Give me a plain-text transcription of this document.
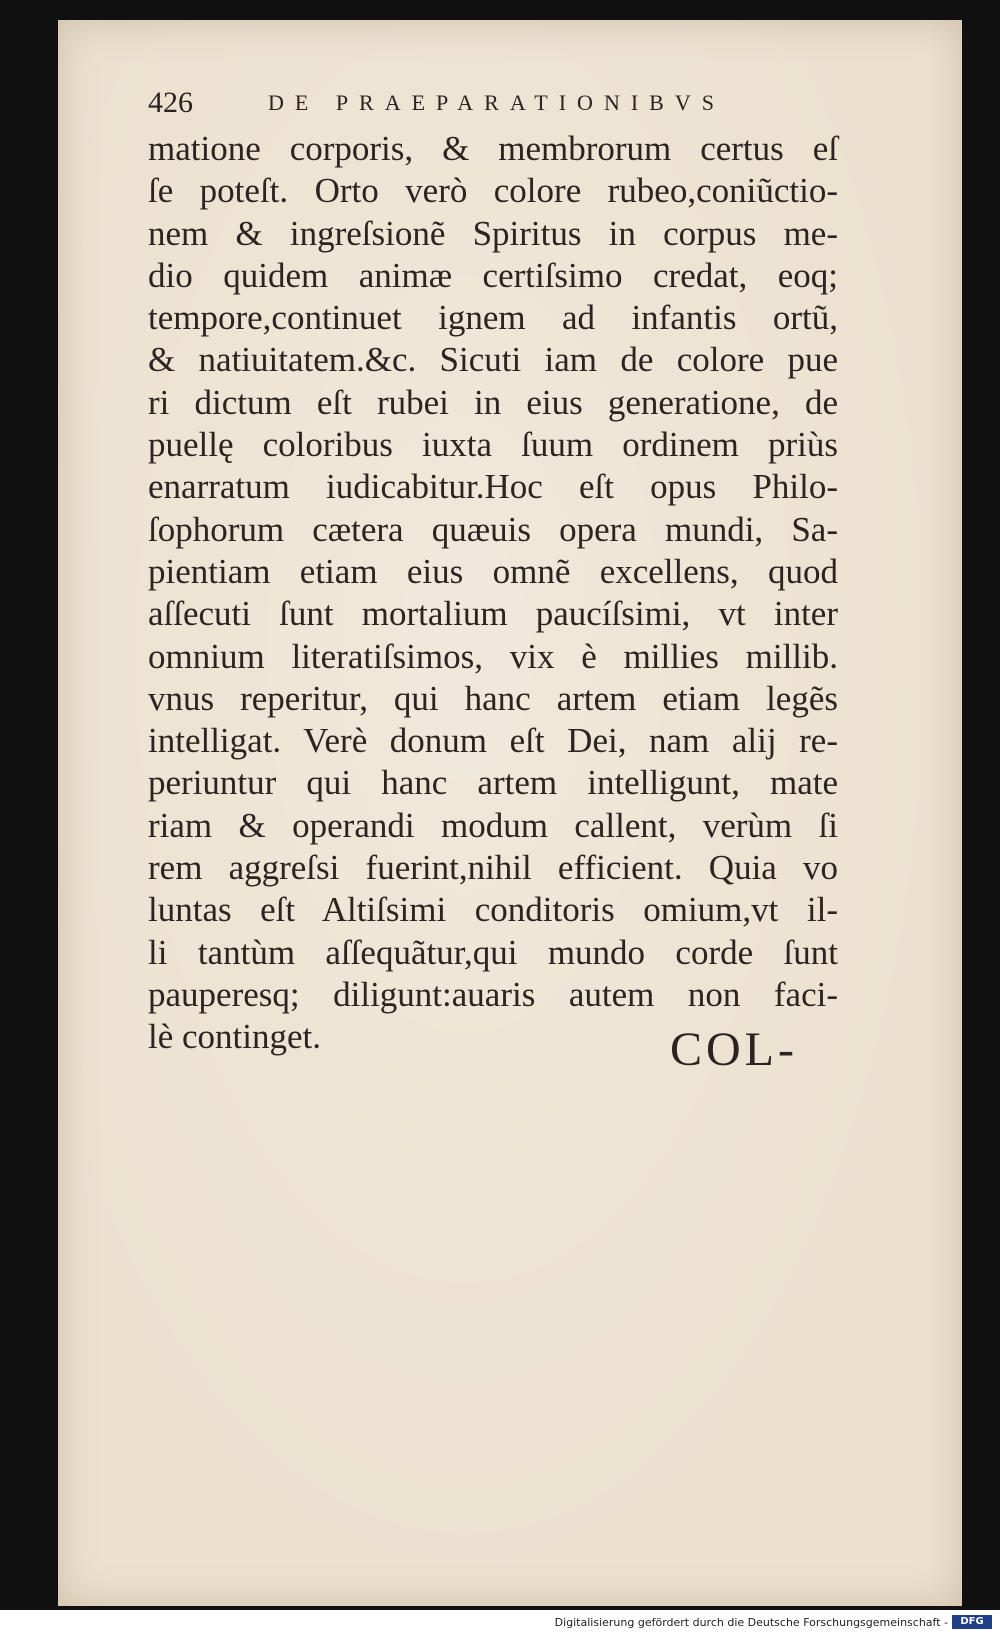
426	DE PRAEPARATIONIBVS
matione corporis, & membrorum certus eſ
ſe poteſt. Orto verò colore rubeo,coniũctio-
nem & ingreſsionẽ Spiritus in corpus me-
dio quidem animæ certiſsimo credat, eoq;
tempore,continuet ignem ad infantis ortũ,
& natiuitatem.&c. Sicuti iam de colore pue
ri dictum eſt rubei in eius generatione, de
puellę coloribus iuxta ſuum ordinem priùs
enarratum iudicabitur.Hoc eſt opus Philo-
ſophorum cætera quæuis opera mundi, Sa-
pientiam etiam eius omnẽ excellens, quod
aſſecuti ſunt mortalium paucíſsimi, vt inter
omnium literatiſsimos, vix è millies millib.
vnus reperitur, qui hanc artem etiam legẽs
intelligat. Verè donum eſt Dei, nam alij re-
periuntur qui hanc artem intelligunt, mate
riam & operandi modum callent, verùm ſi
rem aggreſsi fuerint,nihil efficient. Quia vo
luntas eſt Altiſsimi conditoris omium,vt il-
li tantùm aſſequãtur,qui mundo corde ſunt
pauperesq; diligunt:auaris autem non faci-
lè continget.	COL-
Digitalisierung gefördert durch die Deutsche Forschungsgemeinschaft -	DFG
